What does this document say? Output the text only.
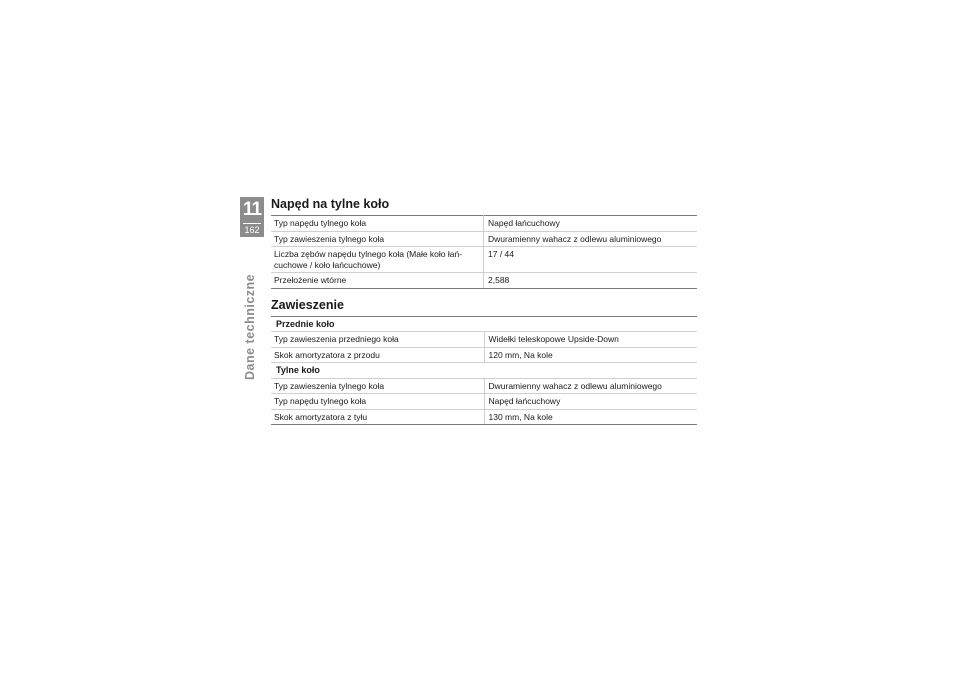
11
162
Dane techniczne
Napęd na tylne koło
Typ napędu tylnego koła	Napęd łańcuchowy
Typ zawieszenia tylnego koła	Dwuramienny wahacz z odlewu aluminiowego
Liczba zębów napędu tylnego koła (Małe koło łań-cuchowe / koło łańcuchowe)	17 / 44
Przełożenie wtórne	2,588
Zawieszenie
Przednie koło	
Typ zawieszenia przedniego koła	Widełki teleskopowe Upside-Down
Skok amortyzatora z przodu	120 mm, Na kole
Tylne koło	
Typ zawieszenia tylnego koła	Dwuramienny wahacz z odlewu aluminiowego
Typ napędu tylnego koła	Napęd łańcuchowy
Skok amortyzatora z tyłu	130 mm, Na kole
